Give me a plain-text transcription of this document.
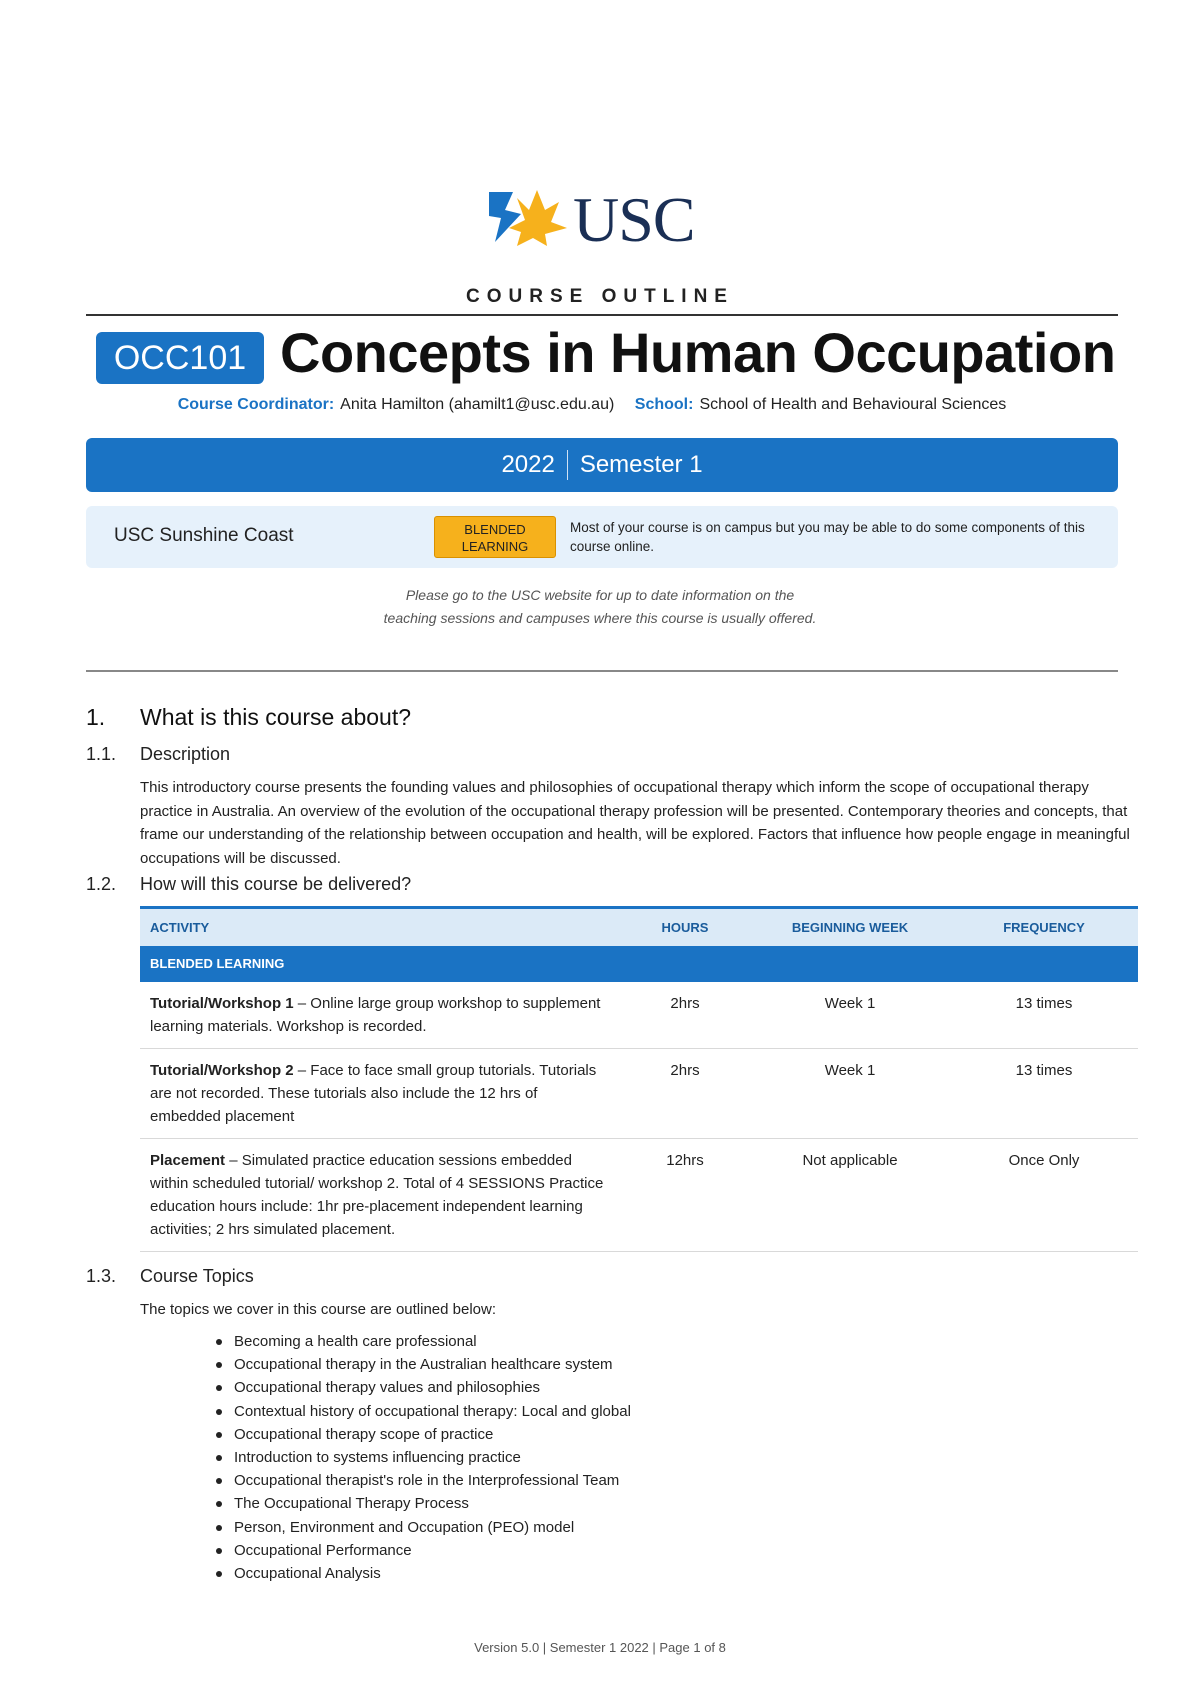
USC
COURSE OUTLINE
OCC101 Concepts in Human Occupation
Course Coordinator: Anita Hamilton (ahamilt1@usc.edu.au) School: School of Health and Behavioural Sciences
2022 Semester 1
USC Sunshine Coast	BLENDED
LEARNING
Most of your course is on campus but you may be able to do some components of this course online.
Please go to the USC website for up to date information on the
teaching sessions and campuses where this course is usually offered.
1. What is this course about?
1.1. Description
This introductory course presents the founding values and philosophies of occupational therapy which inform the scope of occupational therapy practice in Australia. An overview of the evolution of the occupational therapy profession will be presented. Contemporary theories and concepts, that frame our understanding of the relationship between occupation and health, will be explored. Factors that influence how people engage in meaningful occupations will be discussed.
1.2. How will this course be delivered?
ACTIVITY	HOURS	BEGINNING WEEK	FREQUENCY
BLENDED LEARNING			
Tutorial/Workshop 1 – Online large group workshop to supplement learning materials. Workshop is recorded.	2hrs	Week 1	13 times
Tutorial/Workshop 2 – Face to face small group tutorials. Tutorials are not recorded. These tutorials also include the 12 hrs of embedded placement	2hrs	Week 1	13 times
Placement – Simulated practice education sessions embedded within scheduled tutorial/ workshop 2. Total of 4 SESSIONS Practice education hours include: 1hr pre-placement independent learning activities; 2 hrs simulated placement.	12hrs	Not applicable	Once Only
1.3. Course Topics
The topics we cover in this course are outlined below:
Becoming a health care professional
Occupational therapy in the Australian healthcare system
Occupational therapy values and philosophies
Contextual history of occupational therapy: Local and global
Occupational therapy scope of practice
Introduction to systems influencing practice
Occupational therapist's role in the Interprofessional Team
The Occupational Therapy Process
Person, Environment and Occupation (PEO) model
Occupational Performance
Occupational Analysis
Version 5.0 | Semester 1 2022 | Page 1 of 8
